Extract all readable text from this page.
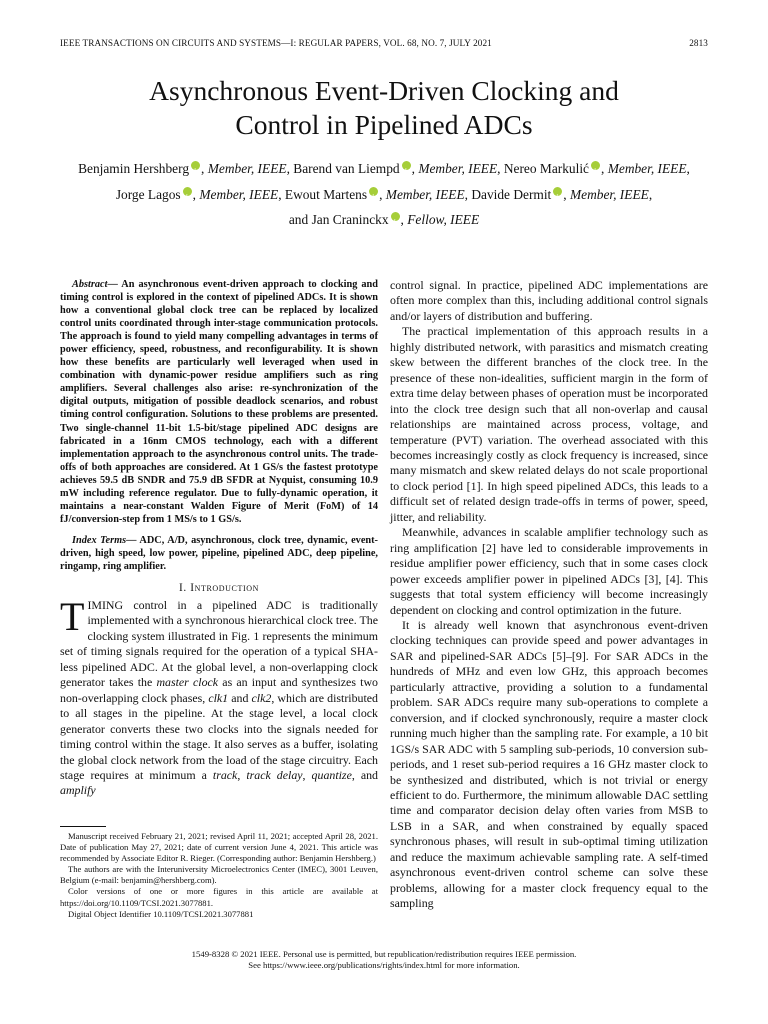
IEEE TRANSACTIONS ON CIRCUITS AND SYSTEMS—I: REGULAR PAPERS, VOL. 68, NO. 7, JULY 2021	2813
Asynchronous Event-Driven Clocking and
Control in Pipelined ADCs
Benjamin Hershberg i , Member, IEEE, Barend van Liempd i , Member, IEEE, Nereo Markulić i , Member, IEEE,
Jorge Lagos i , Member, IEEE, Ewout Martens i , Member, IEEE, Davide Dermit i , Member, IEEE,
and Jan Craninckx i , Fellow, IEEE

Abstract— An asynchronous event-driven approach to clocking and timing control is explored in the context of pipelined ADCs. It is shown how a conventional global clock tree can be replaced by localized control units coordinated through inter-stage communication protocols. The approach is found to yield many compelling advantages in terms of power efficiency, speed, robustness, and reconfigurability. It is shown how these benefits are particularly well leveraged when used in combination with dynamic-power residue amplifiers such as ring amplifiers. Several challenges also arise: re-synchronization of the digital outputs, mitigation of possible deadlock scenarios, and robust timing control configuration. Solutions to these problems are presented. Two single-channel 11-bit 1.5-bit/stage pipelined ADC designs are fabricated in a 16nm CMOS technology, each with a different implementation approach to the asynchronous control units. The trade-offs of both approaches are considered. At 1 GS/s the fastest prototype achieves 59.5 dB SNDR and 75.9 dB SFDR at Nyquist, consuming 10.9 mW including reference regulator. Due to fully-dynamic operation, it maintains a near-constant Walden Figure of Merit (FoM) of 14 fJ/conversion-step from 1 MS/s to 1 GS/s.

Index Terms— ADC, A/D, asynchronous, clock tree, dynamic, event-driven, high speed, low power, pipeline, pipelined ADC, deep pipeline, ringamp, ring amplifier.

I. Introduction

TIMING control in a pipelined ADC is traditionally implemented with a synchronous hierarchical clock tree. The clocking system illustrated in Fig. 1 represents the minimum set of timing signals required for the operation of a typical SHA-less pipelined ADC. At the global level, a non-overlapping clock generator takes the master clock as an input and synthesizes two non-overlapping clock phases, clk1 and clk2, which are distributed to all stages in the pipeline. At the stage level, a local clock generator converts these two clocks into the signals needed for timing control within the stage. It also serves as a buffer, isolating the global clock network from the load of the stage circuitry. Each stage requires at minimum a track, track delay, quantize, and amplify

Manuscript received February 21, 2021; revised April 11, 2021; accepted April 28, 2021. Date of publication May 27, 2021; date of current version June 4, 2021. This article was recommended by Associate Editor R. Rieger. (Corresponding author: Benjamin Hershberg.)

The authors are with the Interuniversity Microelectronics Center (IMEC), 3001 Leuven, Belgium (e-mail: benjamin@hershberg.com).

Color versions of one or more figures in this article are available at https://doi.org/10.1109/TCSI.2021.3077881.

Digital Object Identifier 10.1109/TCSI.2021.3077881

control signal. In practice, pipelined ADC implementations are often more complex than this, including additional control signals and/or layers of distribution and buffering.

The practical implementation of this approach results in a highly distributed network, with parasitics and mismatch creating skew between the different branches of the clock tree. In the presence of these non-idealities, sufficient margin in the form of extra time delay between phases of operation must be incorporated into the clock tree design such that all non-overlap and causal relationships are maintained across process, voltage, and temperature (PVT) variation. The overhead associated with this becomes increasingly costly as clock frequency is increased, since many mismatch and skew related delays do not scale proportional to clock period [1]. In high speed pipelined ADCs, this leads to a difficult set of related design trade-offs in terms of power, speed, jitter, and reliability.

Meanwhile, advances in scalable amplifier technology such as ring amplification [2] have led to considerable improvements in residue amplifier power efficiency, such that in some cases clock power exceeds amplifier power in pipelined ADCs [3], [4]. This suggests that total system efficiency will become increasingly dependent on clocking and control optimization in the future.

It is already well known that asynchronous event-driven clocking techniques can provide speed and power advantages in SAR and pipelined-SAR ADCs [5]–[9]. For SAR ADCs in the hundreds of MHz and even low GHz, this approach becomes particularly attractive, providing a solution to a fundamental problem. SAR ADCs require many sub-operations to complete a conversion, and if clocked synchronously, require a master clock running much higher than the sampling rate. For example, a 10 bit 1GS/s SAR ADC with 5 sampling sub-periods, 10 conversion sub-periods, and 1 reset sub-period requires a 16 GHz master clock to be synthesized and distributed, which is not trivial or energy efficient to do. Furthermore, the minimum allowable DAC settling time and comparator decision delay often varies from MSB to LSB in a SAR, and when constrained by equally spaced synchronous phases, will result in sub-optimal timing utilization and reduce the maximum achievable sampling rate. A self-timed asynchronous event-driven control scheme can solve these problems, allowing for a master clock frequency equal to the sampling

1549-8328 © 2021 IEEE. Personal use is permitted, but republication/redistribution requires IEEE permission.
See https://www.ieee.org/publications/rights/index.html for more information.
